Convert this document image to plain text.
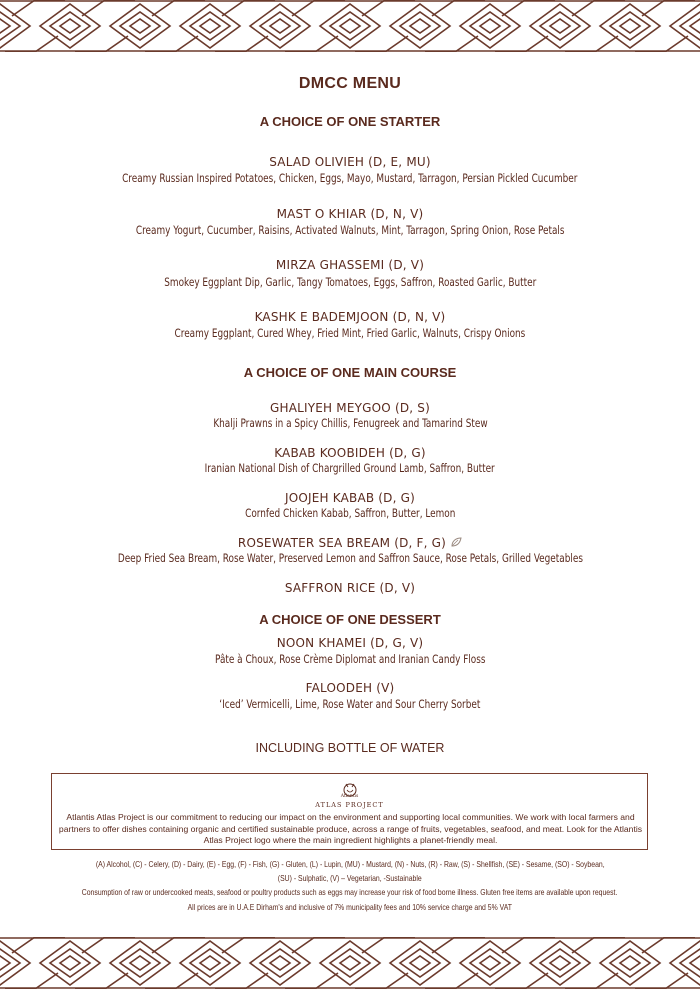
DMCC MENU
A CHOICE OF ONE STARTER
SALAD OLIVIEH (D, E, MU)
Creamy Russian Inspired Potatoes, Chicken, Eggs, Mayo, Mustard, Tarragon, Persian Pickled Cucumber
MAST O KHIAR (D, N, V)
Creamy Yogurt, Cucumber, Raisins, Activated Walnuts, Mint, Tarragon, Spring Onion, Rose Petals
MIRZA GHASSEMI (D, V)
Smokey Eggplant Dip, Garlic, Tangy Tomatoes, Eggs, Saffron, Roasted Garlic, Butter
KASHK E BADEMJOON (D, N, V)
Creamy Eggplant, Cured Whey, Fried Mint, Fried Garlic, Walnuts, Crispy Onions
A CHOICE OF ONE MAIN COURSE
GHALIYEH MEYGOO (D, S)
Khalji Prawns in a Spicy Chillis, Fenugreek and Tamarind Stew
KABAB KOOBIDEH (D, G)
Iranian National Dish of Chargrilled Ground Lamb, Saffron, Butter
JOOJEH KABAB (D, G)
Cornfed Chicken Kabab, Saffron, Butter, Lemon
ROSEWATER SEA BREAM (D, F, G)
Deep Fried Sea Bream, Rose Water, Preserved Lemon and Saffron Sauce, Rose Petals, Grilled Vegetables
SAFFRON RICE (D, V)
A CHOICE OF ONE DESSERT
NOON KHAMEI (D, G, V)
Pâte à Choux, Rose Crème Diplomat and Iranian Candy Floss
FALOODEH (V)
‘Iced’ Vermicelli, Lime, Rose Water and Sour Cherry Sorbet
INCLUDING BOTTLE OF WATER
Atlantis
ATLAS PROJECT
Atlantis Atlas Project is our commitment to reducing our impact on the environment and supporting local communities. We work with local farmers and partners to offer dishes containing organic and certified sustainable produce, across a range of fruits, vegetables, seafood, and meat. Look for the Atlantis Atlas Project logo where the main ingredient highlights a planet-friendly meal.
(A) Alcohol, (C) - Celery, (D) - Dairy, (E) - Egg, (F) - Fish, (G) - Gluten, (L) - Lupin, (MU) - Mustard, (N) - Nuts, (R) - Raw, (S) - Shellfish, (SE) - Sesame, (SO) - Soybean,
(SU) - Sulphatic, (V) – Vegetarian, -Sustainable
Consumption of raw or undercooked meats, seafood or poultry products such as eggs may increase your risk of food borne illness. Gluten free items are available upon request.
All prices are in U.A.E Dirham's and inclusive of 7% municipality fees and 10% service charge and 5% VAT
